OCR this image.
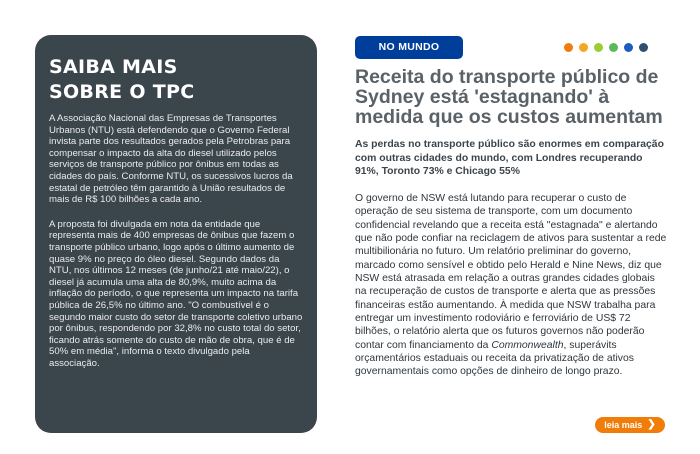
SAIBA MAIS
SOBRE O TPC

A Associação Nacional das Empresas de Transportes Urbanos (NTU) está defendendo que o Governo Federal invista parte dos resultados gerados pela Petrobras para compensar o impacto da alta do diesel utilizado pelos serviços de transporte público por ônibus em todas as cidades do país. Conforme NTU, os sucessivos lucros da estatal de petróleo têm garantido à União resultados de mais de R$ 100 bilhões a cada ano.

A proposta foi divulgada em nota da entidade que representa mais de 400 empresas de ônibus que fazem o transporte público urbano, logo após o último aumento de quase 9% no preço do óleo diesel. Segundo dados da NTU, nos últimos 12 meses (de junho/21 até maio/22), o diesel já acumula uma alta de 80,9%, muito acima da inflação do período, o que representa um impacto na tarifa pública de 26,5% no último ano. "O combustível é o segundo maior custo do setor de transporte coletivo urbano por ônibus, respondendo por 32,8% no custo total do setor, ficando atrás somente do custo de mão de obra, que é de 50% em média", informa o texto divulgado pela associação.

NO MUNDO
Receita do transporte público de Sydney está 'estagnando' à medida que os custos aumentam

As perdas no transporte público são enormes em comparação com outras cidades do mundo, com Londres recuperando 91%, Toronto 73% e Chicago 55%

O governo de NSW está lutando para recuperar o custo de operação de seu sistema de transporte, com um documento confidencial revelando que a receita está "estagnada" e alertando que não pode confiar na reciclagem de ativos para sustentar a rede multibilionária no futuro. Um relatório preliminar do governo, marcado como sensível e obtido pelo Herald e Nine News, diz que NSW está atrasada em relação a outras grandes cidades globais na recuperação de custos de transporte e alerta que as pressões financeiras estão aumentando. À medida que NSW trabalha para entregar um investimento rodoviário e ferroviário de US$ 72 bilhões, o relatório alerta que os futuros governos não poderão contar com financiamento da Commonwealth, superávits orçamentários estaduais ou receita da privatização de ativos governamentais como opções de dinheiro de longo prazo.

leia mais ❯
